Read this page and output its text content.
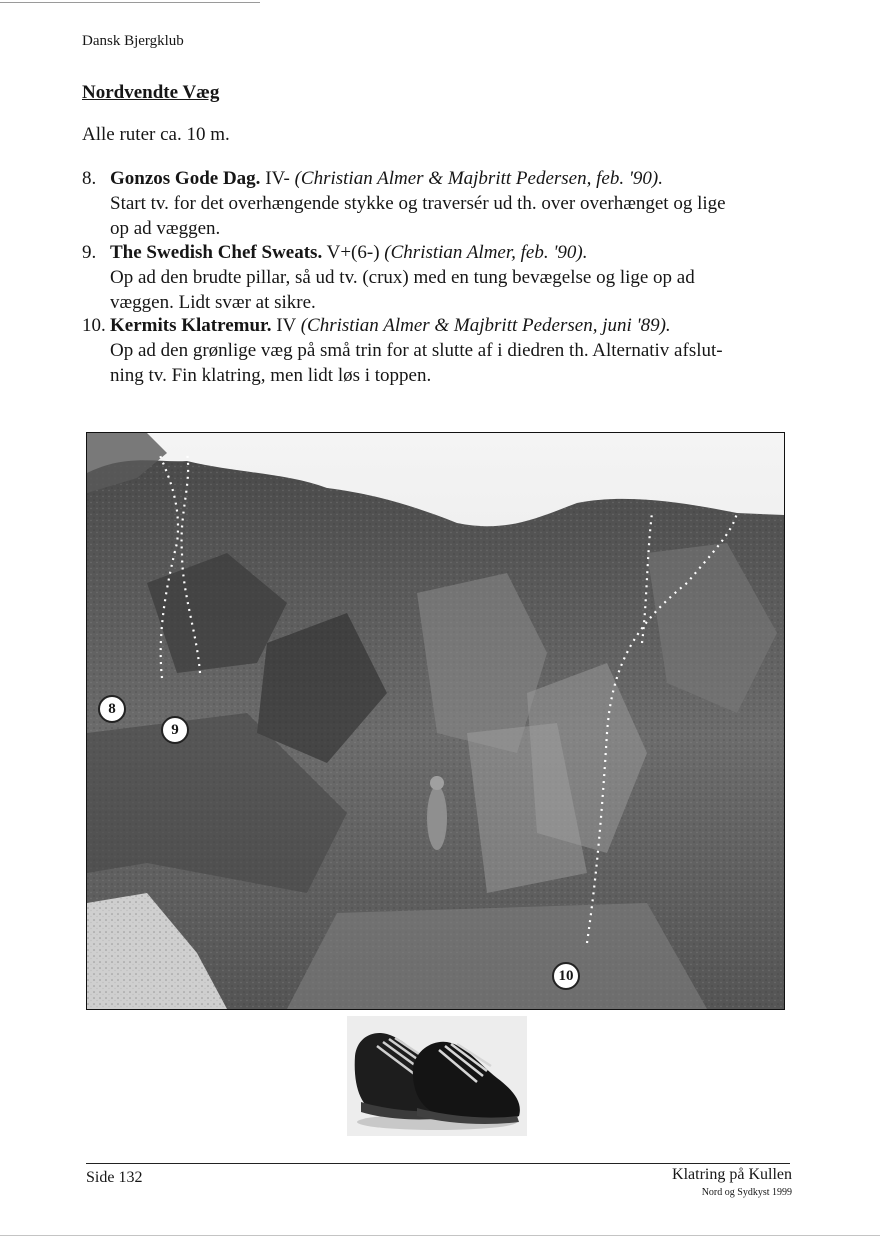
Dansk Bjergklub
Nordvendte Væg
Alle ruter ca. 10 m.
8. Gonzos Gode Dag. IV- (Christian Almer & Majbritt Pedersen, feb. '90).
Start tv. for det overhængende stykke og traversér ud th. over overhænget og lige
op ad væggen.
9. The Swedish Chef Sweats. V+(6-) (Christian Almer, feb. '90).
Op ad den brudte pillar, så ud tv. (crux) med en tung bevægelse og lige op ad
væggen. Lidt svær at sikre.
10. Kermits Klatremur. IV (Christian Almer & Majbritt Pedersen, juni '89).
Op ad den grønlige væg på små trin for at slutte af i diedren th. Alternativ afslut-
ning tv. Fin klatring, men lidt løs i toppen.
8
9
10
Side 132	Klatring på Kullen
Nord og Sydkyst 1999
